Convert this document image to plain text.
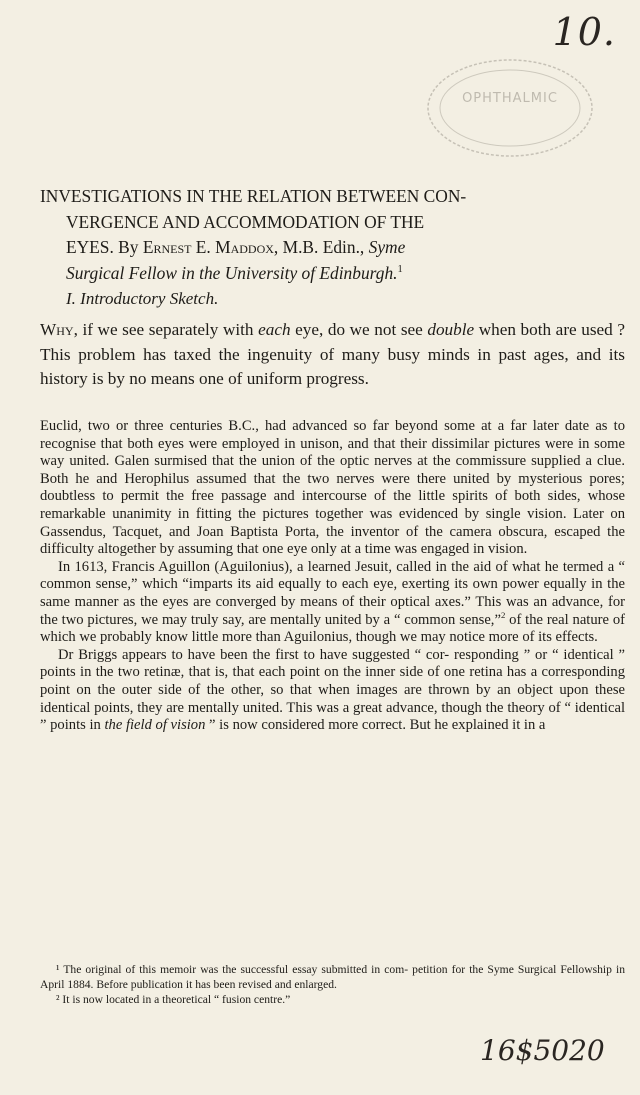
10.
OPHTHALMIC
INVESTIGATIONS IN THE RELATION BETWEEN CON-
VERGENCE AND ACCOMMODATION OF THE
EYES. By Ernest E. Maddox, M.B. Edin., Syme
Surgical Fellow in the University of Edinburgh.$^1$
I. Introductory Sketch.
Why, if we see separately with each eye, do we not see double when both are used ? This problem has taxed the ingenuity of many busy minds in past ages, and its history is by no means one of uniform progress.

Euclid, two or three centuries B.C., had advanced so far beyond some at a far later date as to recognise that both eyes were employed in unison, and that their dissimilar pictures were in some way united. Galen surmised that the union of the optic nerves at the commissure supplied a clue. Both he and Herophilus assumed that the two nerves were there united by mysterious pores; doubtless to permit the free passage and intercourse of the little spirits of both sides, whose remarkable unanimity in fitting the pictures together was evidenced by single vision. Later on Gassendus, Tacquet, and Joan Baptista Porta, the inventor of the camera obscura, escaped the difficulty altogether by assuming that one eye only at a time was engaged in vision.

In 1613, Francis Aguillon (Aguilonius), a learned Jesuit, called in the aid of what he termed a “ common sense,” which “imparts its aid equally to each eye, exerting its own power equally in the same manner as the eyes are converged by means of their optical axes.” This was an advance, for the two pictures, we may truly say, are mentally united by a “ common sense,”$^2$ of the real nature of which we probably know little more than Aguilonius, though we may notice more of its effects.

Dr Briggs appears to have been the first to have suggested “ cor- responding ” or “ identical ” points in the two retinæ, that is, that each point on the inner side of one retina has a corresponding point on the outer side of the other, so that when images are thrown by an object upon these identical points, they are mentally united. This was a great advance, though the theory of “ identical ” points in the field of vision ” is now considered more correct. But he explained it in a

¹ The original of this memoir was the successful essay submitted in com- petition for the Syme Surgical Fellowship in April 1884. Before publication it has been revised and enlarged.

² It is now located in a theoretical “ fusion centre.”

16$5020
